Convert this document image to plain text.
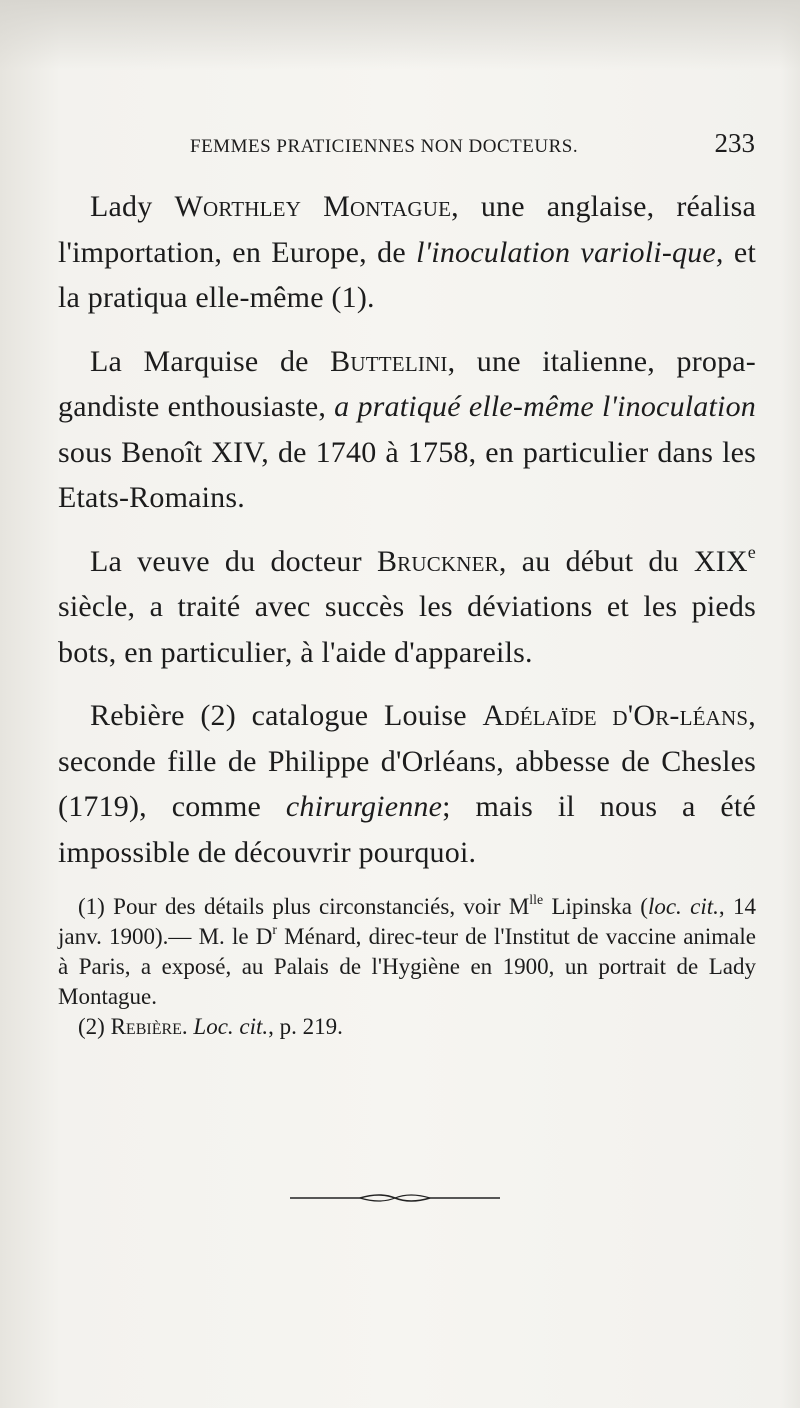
FEMMES PRATICIENNES NON DOCTEURS.	233

Lady Worthley Montague, une anglaise, réalisa l'importation, en Europe, de l'inoculation varioli-que, et la pratiqua elle-même (1).

La Marquise de Buttelini, une italienne, propa-gandiste enthousiaste, a pratiqué elle-même l'inoculation sous Benoît XIV, de 1740 à 1758, en particulier dans les Etats-Romains.

La veuve du docteur Bruckner, au début du XIXe siècle, a traité avec succès les déviations et les pieds bots, en particulier, à l'aide d'appareils.

Rebière (2) catalogue Louise Adélaïde d'Or-léans, seconde fille de Philippe d'Orléans, abbesse de Chesles (1719), comme chirurgienne; mais il nous a été impossible de découvrir pourquoi.

(1) Pour des détails plus circonstanciés, voir $M^{lle}$ Lipinska (loc. cit., 14 janv. 1900).— M. le $D^r$ Ménard, direc-teur de l'Institut de vaccine animale à Paris, a exposé, au Palais de l'Hygiène en 1900, un portrait de Lady Montague.

(2) Rebière. Loc. cit., p. 219.
